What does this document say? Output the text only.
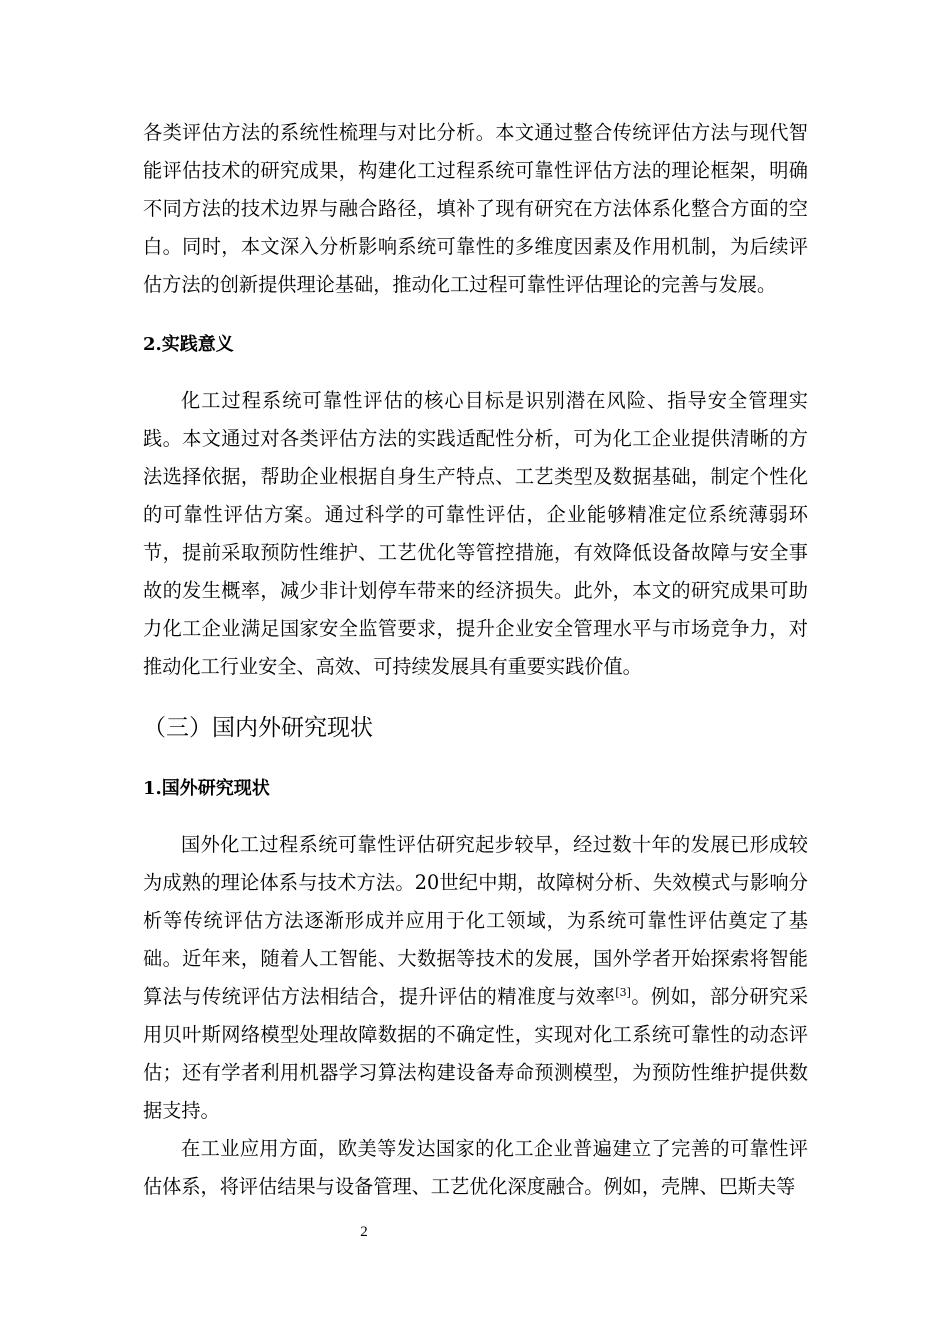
各类评估方法的系统性梳理与对比分析。本文通过整合传统评估方法与现代智能评估技术的研究成果，构建化工过程系统可靠性评估方法的理论框架，明确不同方法的技术边界与融合路径，填补了现有研究在方法体系化整合方面的空白。同时，本文深入分析影响系统可靠性的多维度因素及作用机制，为后续评估方法的创新提供理论基础，推动化工过程可靠性评估理论的完善与发展。

2.实践意义

化工过程系统可靠性评估的核心目标是识别潜在风险、指导安全管理实践。本文通过对各类评估方法的实践适配性分析，可为化工企业提供清晰的方法选择依据，帮助企业根据自身生产特点、工艺类型及数据基础，制定个性化的可靠性评估方案。通过科学的可靠性评估，企业能够精准定位系统薄弱环节，提前采取预防性维护、工艺优化等管控措施，有效降低设备故障与安全事故的发生概率，减少非计划停车带来的经济损失。此外，本文的研究成果可助力化工企业满足国家安全监管要求，提升企业安全管理水平与市场竞争力，对推动化工行业安全、高效、可持续发展具有重要实践价值。

（三）国内外研究现状
1.国外研究现状

国外化工过程系统可靠性评估研究起步较早，经过数十年的发展已形成较为成熟的理论体系与技术方法。20世纪中期，故障树分析、失效模式与影响分析等传统评估方法逐渐形成并应用于化工领域，为系统可靠性评估奠定了基础。近年来，随着人工智能、大数据等技术的发展，国外学者开始探索将智能算法与传统评估方法相结合，提升评估的精准度与效率[3]。例如，部分研究采用贝叶斯网络模型处理故障数据的不确定性，实现对化工系统可靠性的动态评估；还有学者利用机器学习算法构建设备寿命预测模型，为预防性维护提供数据支持。

在工业应用方面，欧美等发达国家的化工企业普遍建立了完善的可靠性评估体系，将评估结果与设备管理、工艺优化深度融合。例如，壳牌、巴斯夫等

2
